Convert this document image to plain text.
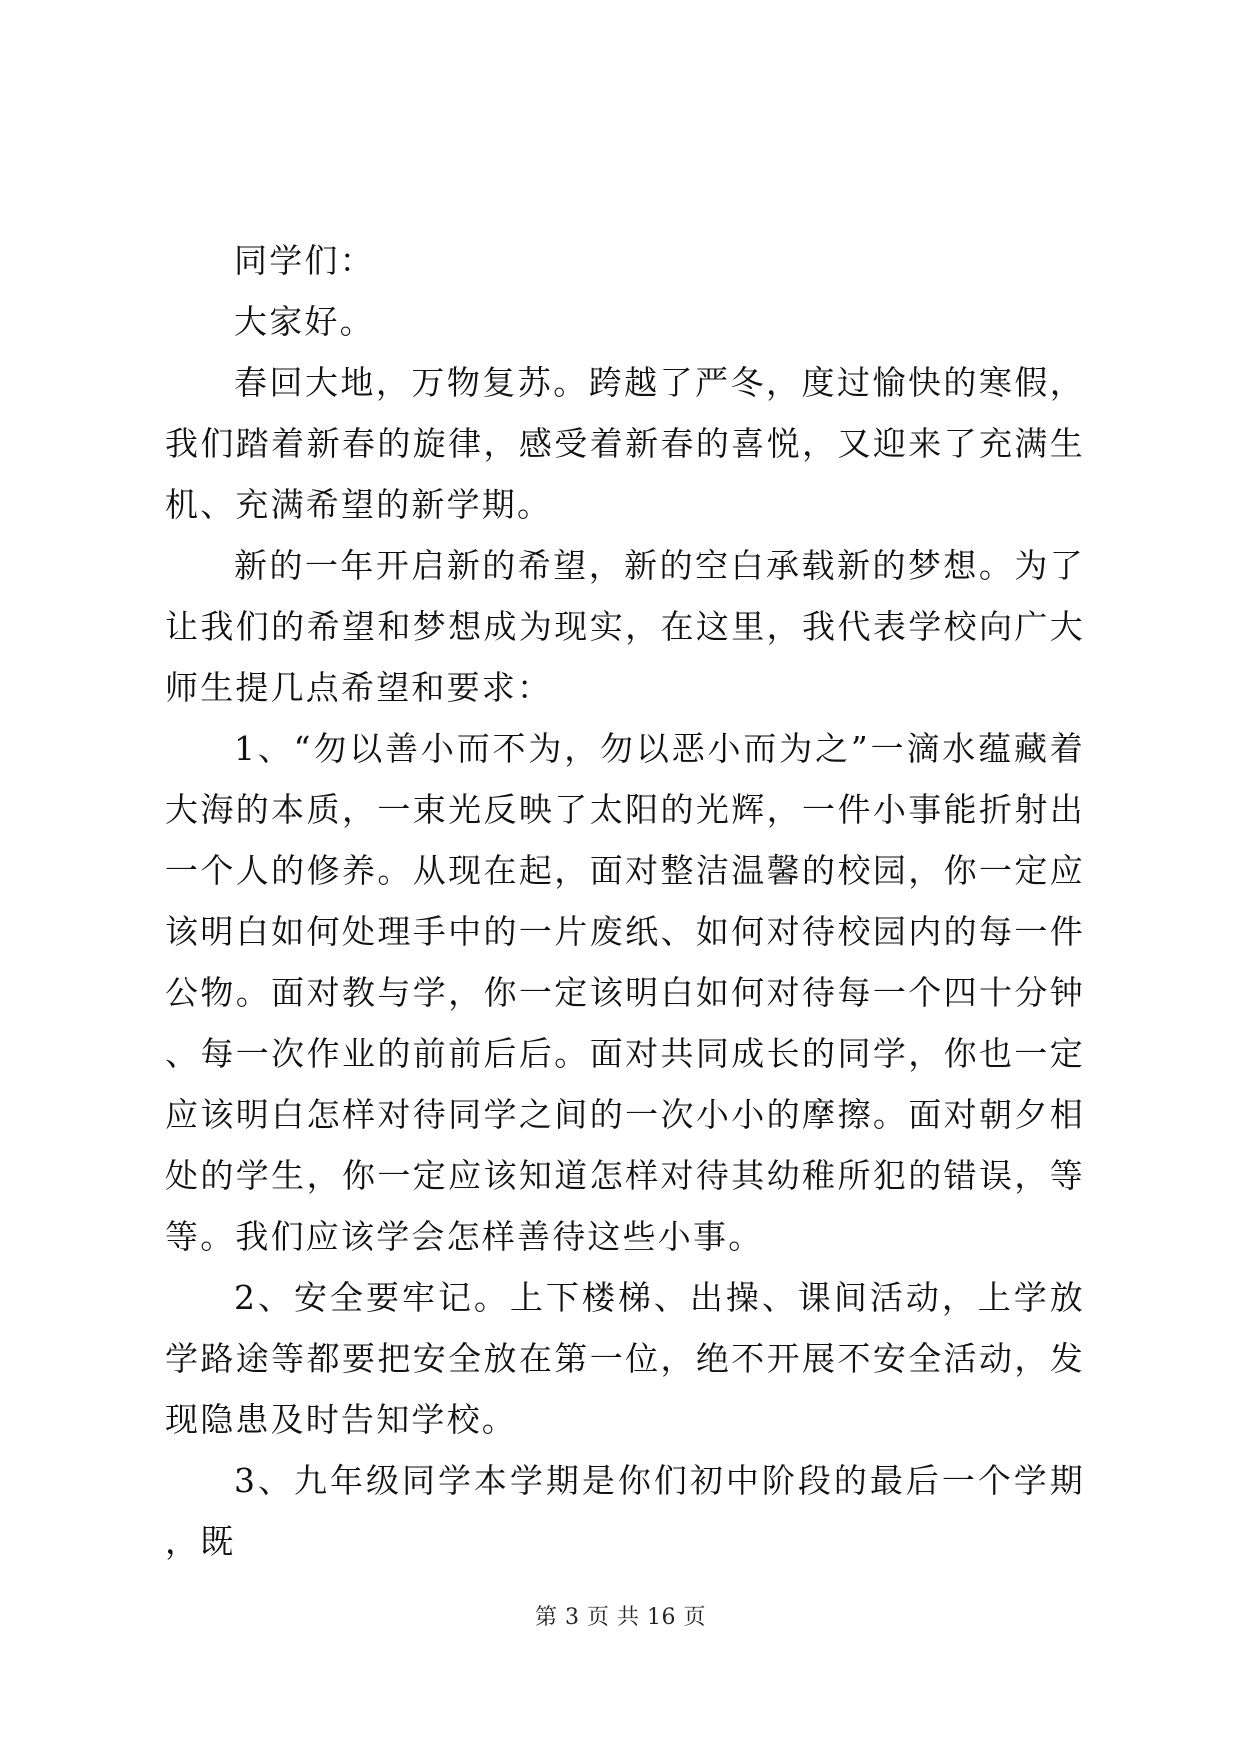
同学们：

大家好。

春回大地，万物复苏。跨越了严冬，度过愉快的寒假，我们踏着新春的旋律，感受着新春的喜悦，又迎来了充满生机、充满希望的新学期。

新的一年开启新的希望，新的空白承载新的梦想。为了让我们的希望和梦想成为现实，在这里，我代表学校向广大师生提几点希望和要求：

1、“勿以善小而不为，勿以恶小而为之”一滴水蕴藏着大海的本质，一束光反映了太阳的光辉，一件小事能折射出一个人的修养。从现在起，面对整洁温馨的校园，你一定应该明白如何处理手中的一片废纸、如何对待校园内的每一件公物。面对教与学，你一定该明白如何对待每一个四十分钟、每一次作业的前前后后。面对共同成长的同学，你也一定应该明白怎样对待同学之间的一次小小的摩擦。面对朝夕相处的学生，你一定应该知道怎样对待其幼稚所犯的错误，等等。我们应该学会怎样善待这些小事。

2、安全要牢记。上下楼梯、出操、课间活动，上学放学路途等都要把安全放在第一位，绝不开展不安全活动，发现隐患及时告知学校。

3、九年级同学本学期是你们初中阶段的最后一个学期，既

第 3 页 共 16 页
